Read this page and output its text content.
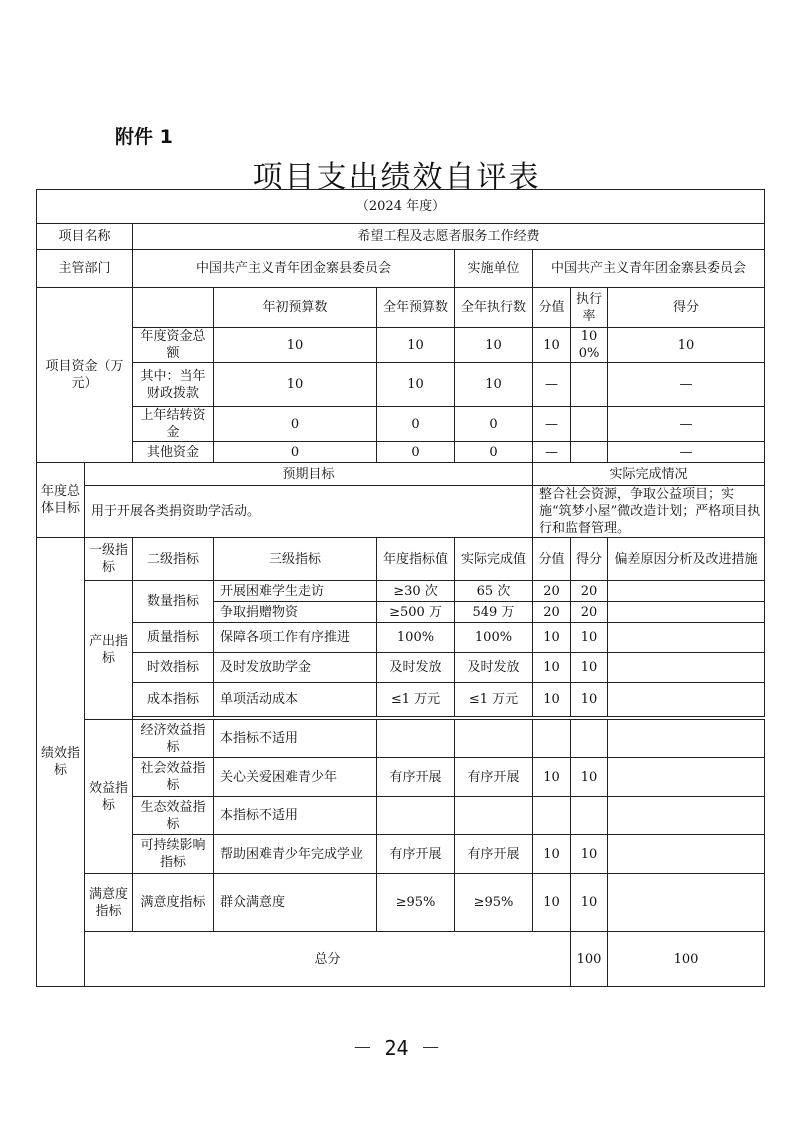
附件 1
项目支出绩效自评表
（2024 年度）									
项目名称		希望工程及志愿者服务工作经费							
主管部门		中国共产主义青年团金寨县委员会			实施单位	中国共产主义青年团金寨县委员会			
项目资金（万元）			年初预算数	全年预算数	全年执行数	分值	执行率	得分	
		年度资金总额	10	10	10	10	100%	10	
		其中：当年财政拨款	10	10	10	—		—	
		上年结转资金	0	0	0	—		—	
		其他资金	0	0	0	—		—	
年度总体目标	预期目标					实际完成情况			
	用于开展各类捐资助学活动。					整合社会资源，争取公益项目；实施“筑梦小屋”微改造计划；严格项目执行和监督管理。			
绩效指标	一级指标	二级指标	三级指标	年度指标值	实际完成值	分值	得分	偏差原因分析及改进措施	
	产出指标	数量指标	开展困难学生走访	≥30 次	65 次	20	20		
			争取捐赠物资	≥500 万	549 万	20	20		
		质量指标	保障各项工作有序推进	100%	100%	10	10		
		时效指标	及时发放助学金	及时发放	及时发放	10	10		
		成本指标	单项活动成本	≤1 万元	≤1 万元	10	10		

	效益指标	经济效益指标	本指标不适用						
		社会效益指标	关心关爱困难青少年	有序开展	有序开展	10	10		
		生态效益指标	本指标不适用						
		可持续影响指标	帮助困难青少年完成学业	有序开展	有序开展	10	10		
	满意度指标	满意度指标	群众满意度	≥95%	≥95%	10	10		
	总分						100	100	
－ 24 －
